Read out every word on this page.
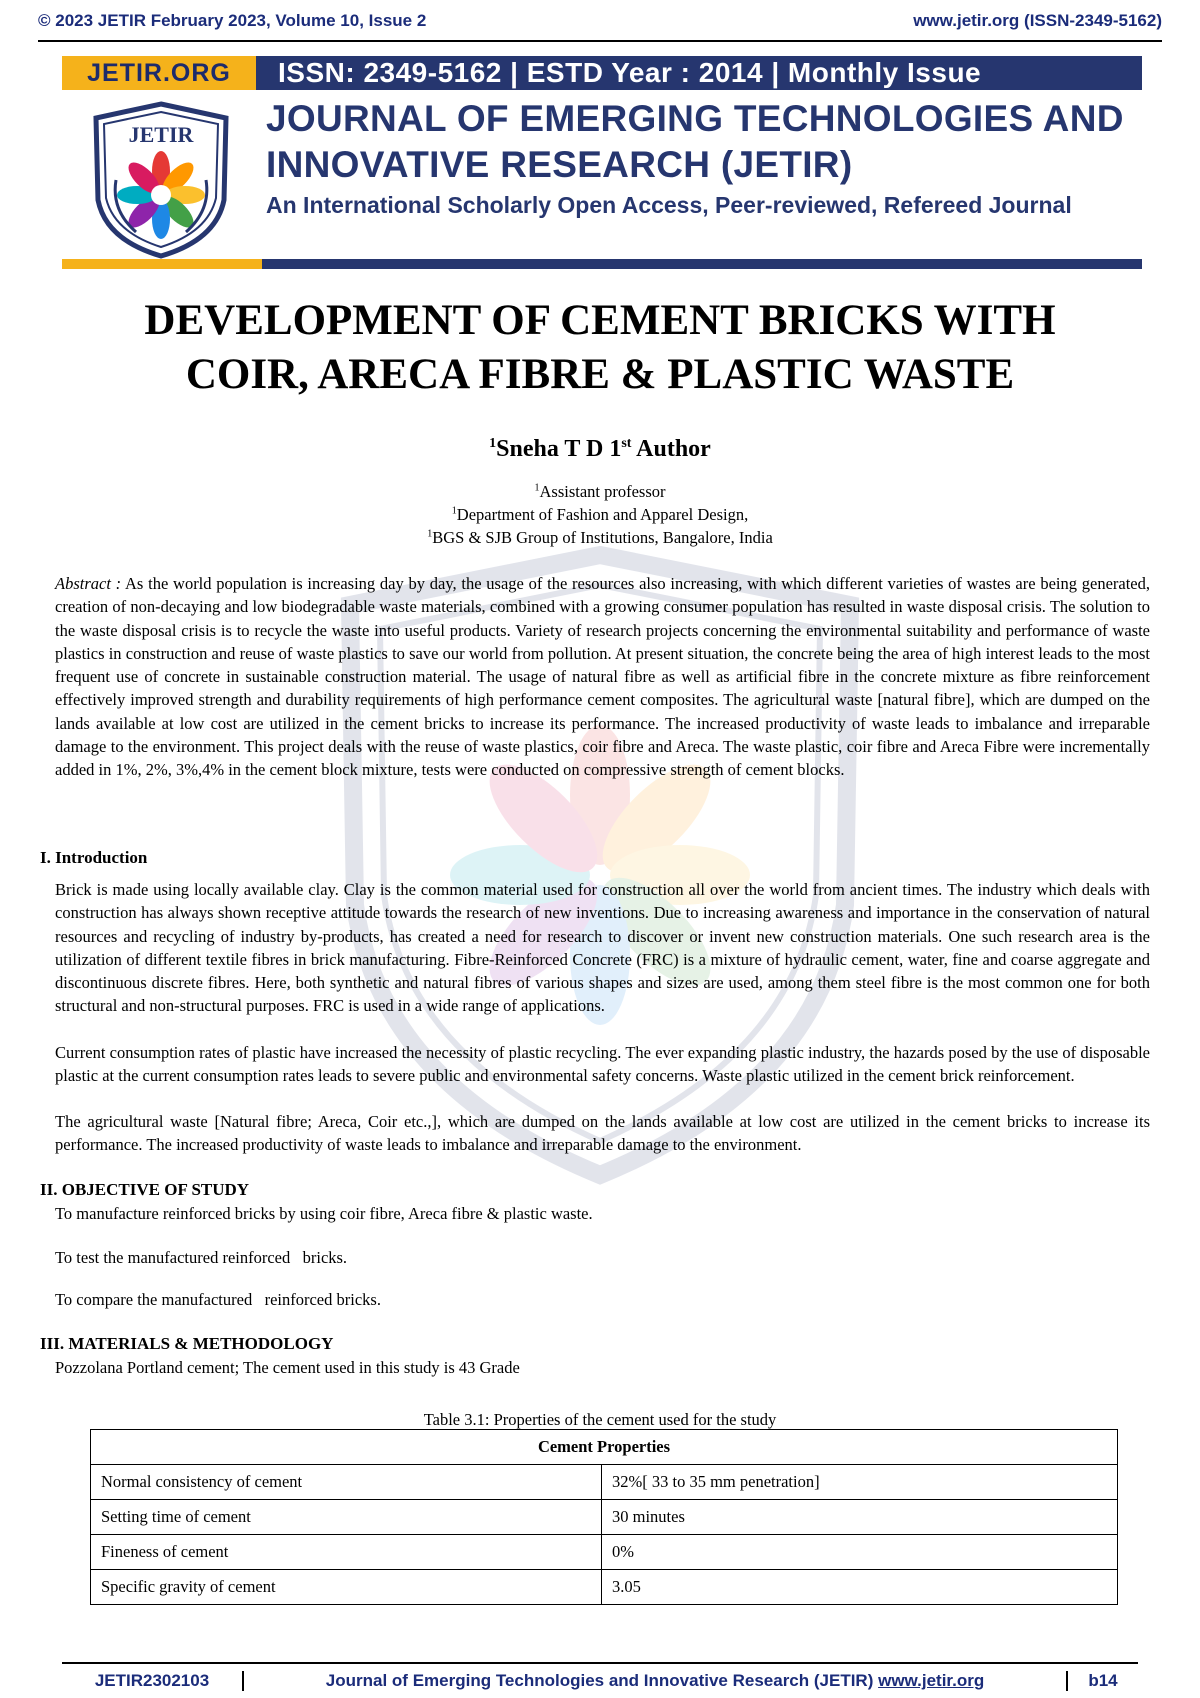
© 2023 JETIR February 2023, Volume 10, Issue 2	www.jetir.org (ISSN-2349-5162)
JETIR.ORG	ISSN: 2349-5162 | ESTD Year : 2014 | Monthly Issue
JETIR JOURNAL OF EMERGING TECHNOLOGIES AND
INNOVATIVE RESEARCH (JETIR)
An International Scholarly Open Access, Peer-reviewed, Refereed Journal
DEVELOPMENT OF CEMENT BRICKS WITH
COIR, ARECA FIBRE & PLASTIC WASTE
$^1$Sneha T D 1st Author
$^1$Assistant professor
$^1$Department of Fashion and Apparel Design,
$^1$BGS & SJB Group of Institutions, Bangalore, India
Abstract : As the world population is increasing day by day, the usage of the resources also increasing, with which different varieties of wastes are being generated, creation of non-decaying and low biodegradable waste materials, combined with a growing consumer population has resulted in waste disposal crisis. The solution to the waste disposal crisis is to recycle the waste into useful products. Variety of research projects concerning the environmental suitability and performance of waste plastics in construction and reuse of waste plastics to save our world from pollution. At present situation, the concrete being the area of high interest leads to the most frequent use of concrete in sustainable construction material. The usage of natural fibre as well as artificial fibre in the concrete mixture as fibre reinforcement effectively improved strength and durability requirements of high performance cement composites. The agricultural waste [natural fibre], which are dumped on the lands available at low cost are utilized in the cement bricks to increase its performance. The increased productivity of waste leads to imbalance and irreparable damage to the environment. This project deals with the reuse of waste plastics, coir fibre and Areca. The waste plastic, coir fibre and Areca Fibre were incrementally added in 1%, 2%, 3%,4% in the cement block mixture, tests were conducted on compressive strength of cement blocks.
I. Introduction
Brick is made using locally available clay. Clay is the common material used for construction all over the world from ancient times. The industry which deals with construction has always shown receptive attitude towards the research of new inventions. Due to increasing awareness and importance in the conservation of natural resources and recycling of industry by-products, has created a need for research to discover or invent new construction materials. One such research area is the utilization of different textile fibres in brick manufacturing. Fibre-Reinforced Concrete (FRC) is a mixture of hydraulic cement, water, fine and coarse aggregate and discontinuous discrete fibres. Here, both synthetic and natural fibres of various shapes and sizes are used, among them steel fibre is the most common one for both structural and non-structural purposes. FRC is used in a wide range of applications.
Current consumption rates of plastic have increased the necessity of plastic recycling. The ever expanding plastic industry, the hazards posed by the use of disposable plastic at the current consumption rates leads to severe public and environmental safety concerns. Waste plastic utilized in the cement brick reinforcement.
The agricultural waste [Natural fibre; Areca, Coir etc.,], which are dumped on the lands available at low cost are utilized in the cement bricks to increase its performance. The increased productivity of waste leads to imbalance and irreparable damage to the environment.
II. OBJECTIVE OF STUDY
To manufacture reinforced bricks by using coir fibre, Areca fibre & plastic waste.
To test the manufactured reinforced   bricks.
To compare the manufactured   reinforced bricks.
III. MATERIALS & METHODOLOGY
Pozzolana Portland cement; The cement used in this study is 43 Grade
Table 3.1: Properties of the cement used for the study
Cement Properties	
Normal consistency of cement	32%[ 33 to 35 mm penetration]
Setting time of cement	30 minutes
Fineness of cement	0%
Specific gravity of cement	3.05
JETIR2302103	Journal of Emerging Technologies and Innovative Research (JETIR) www.jetir.org	b14
